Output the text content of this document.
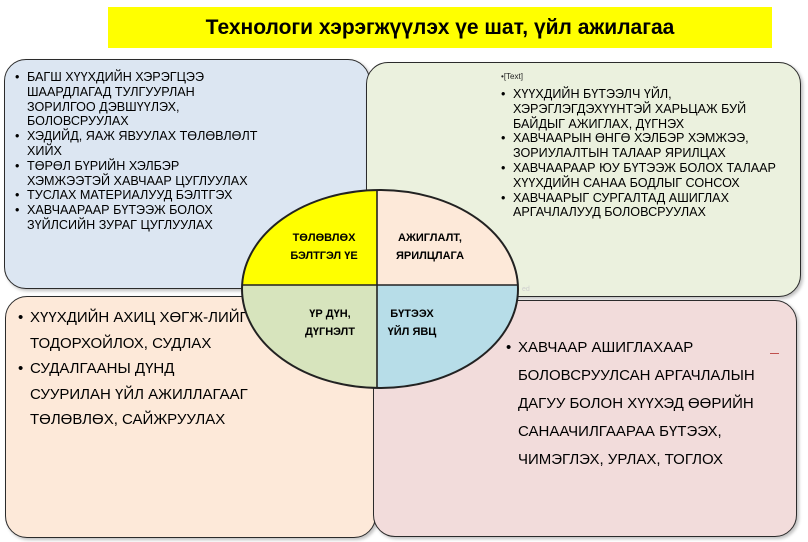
Технологи хэрэгжүүлэх үе шат, үйл ажилагаа
• БАГШ ХҮҮХДИЙН ХЭРЭГЦЭЭ ШААРДЛАГАД ТУЛГУУРЛАН ЗОРИЛГОО ДЭВШҮҮЛЭХ, БОЛОВСРУУЛАХ
• ХЭДИЙД, ЯАЖ ЯВУУЛАХ ТӨЛӨВЛӨЛТ ХИЙХ
• ТӨРӨЛ БҮРИЙН ХЭЛБЭР ХЭМЖЭЭТЭЙ ХАВЧААР ЦУГЛУУЛАХ
• ТУСЛАХ МАТЕРИАЛУУД БЭЛТГЭХ
• ХАВЧААРААР БҮТЭЭЖ БОЛОХ ЗҮЙЛСИЙН ЗУРАГ ЦУГЛУУЛАХ
•[Text]
• ХҮҮХДИЙН БҮТЭЭЛЧ ҮЙЛ, ХЭРЭГЛЭГДЭХҮҮНТЭЙ ХАРЬЦАЖ БУЙ БАЙДЫГ АЖИГЛАХ, ДҮГНЭХ
• ХАВЧААРЫН ӨНГӨ ХЭЛБЭР ХЭМЖЭЭ, ЗОРИУЛАЛТЫН ТАЛААР ЯРИЛЦАХ
• ХАВЧААРААР ЮУ БҮТЭЭЖ БОЛОХ ТАЛААР ХҮҮХДИЙН САНАА БОДЛЫГ СОНСОХ
• ХАВЧААРЫГ СУРГАЛТАД АШИГЛАХ АРГАЧЛАЛУУД БОЛОВСРУУЛАХ
• ХҮҮХДИЙН АХИЦ ХӨГЖ-ЛИЙГ ТОДОРХОЙЛОХ, СУДЛАХ
• СУДАЛГААНЫ ДҮНД СУУРИЛАН ҮЙЛ АЖИЛЛАГААГ ТӨЛӨВЛӨХ, САЙЖРУУЛАХ
• ХАВЧААР АШИГЛАХААР БОЛОВСРУУЛСАН АРГАЧЛАЛЫН ДАГУУ БОЛОН ХҮҮХЭД ӨӨРИЙН САНААЧИЛГААРАА БҮТЭЭХ, ЧИМЭГЛЭХ, УРЛАХ, ТОГЛОХ
ed
ТӨЛӨВЛӨХ БЭЛТГЭЛ ҮЕ
АЖИГЛАЛТ, ЯРИЛЦЛАГА
ҮР ДҮН, ДҮГНЭЛТ
БҮТЭЭХ ҮЙЛ ЯВЦ
